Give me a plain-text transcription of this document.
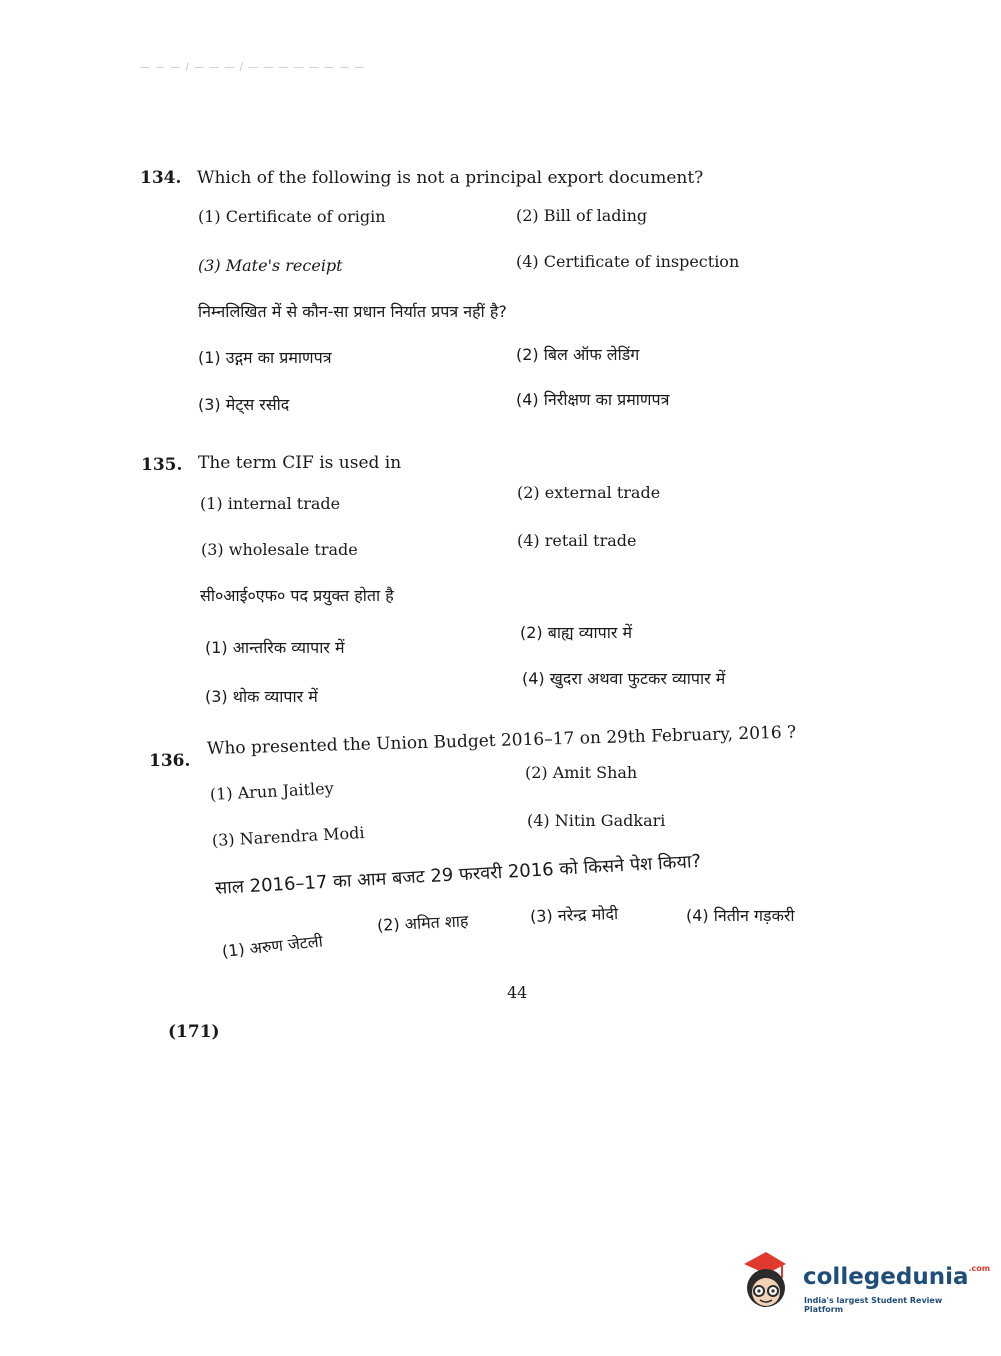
— — — / — — — / — — — — — — — —
134. Which of the following is not a principal export document?
(1) Certificate of origin	(2) Bill of lading
(3) Mate's receipt	(4) Certificate of inspection
निम्नलिखित में से कौन-सा प्रधान निर्यात प्रपत्र नहीं है?
(1) उद्गम का प्रमाणपत्र	(2) बिल ऑफ लेडिंग
(3) मेट्स रसीद	(4) निरीक्षण का प्रमाणपत्र
135. The term CIF is used in
(1) internal trade
(2) external trade
(3) wholesale trade	(4) retail trade
सी०आई०एफ० पद प्रयुक्त होता है
(1) आन्तरिक व्यापार में
(2) बाह्य व्यापार में
(3) थोक व्यापार में
(4) खुदरा अथवा फुटकर व्यापार में
136.
Who presented the Union Budget 2016–17 on 29th February, 2016 ?
(1) Arun Jaitley
(2) Amit Shah
(3) Narendra Modi
(4) Nitin Gadkari
साल 2016–17 का आम बजट 29 फरवरी 2016 को किसने पेश किया?
(1) अरुण जेटली
(2) अमित शाह	(3) नरेन्द्र मोदी	(4) नितीन गड़करी
44
(171)
collegedunia$^{.com}$
India's largest Student Review Platform
